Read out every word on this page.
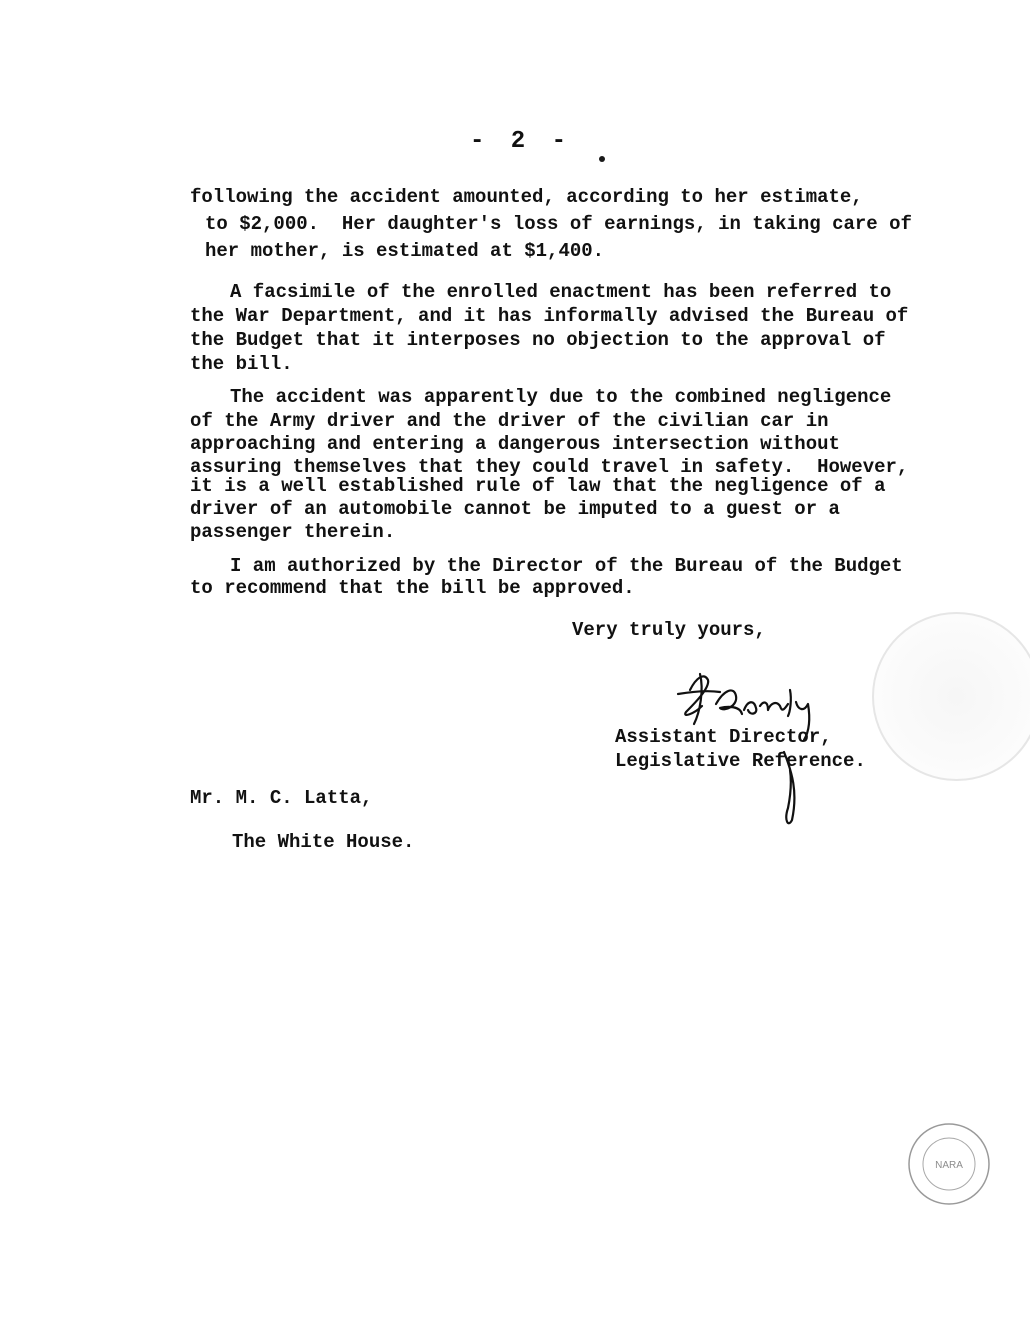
- 2 -
following the accident amounted, according to her estimate,
to $2,000.  Her daughter's loss of earnings, in taking care of
her mother, is estimated at $1,400.
A facsimile of the enrolled enactment has been referred to
the War Department, and it has informally advised the Bureau of
the Budget that it interposes no objection to the approval of
the bill.
The accident was apparently due to the combined negligence
of the Army driver and the driver of the civilian car in
approaching and entering a dangerous intersection without
assuring themselves that they could travel in safety.  However,
it is a well established rule of law that the negligence of a
driver of an automobile cannot be imputed to a guest or a
passenger therein.
I am authorized by the Director of the Bureau of the Budget
to recommend that the bill be approved.
Very truly yours,
Assistant Director,
Legislative Reference.
Mr. M. C. Latta,
The White House.
NARA
